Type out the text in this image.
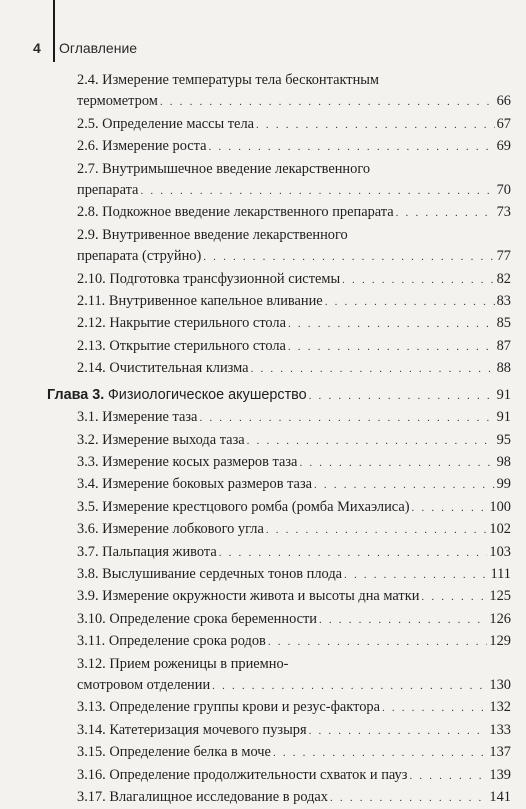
4	Оглавление
2.4. Измерение температуры тела бесконтактным
термометром . . .	66
2.5. Определение массы тела . . .	67
2.6. Измерение роста . . .	69
2.7. Внутримышечное введение лекарственного
препарата . . .	70
2.8. Подкожное введение лекарственного препарата . . .	73
2.9. Внутривенное введение лекарственного
препарата (струйно) . . .	77
2.10. Подготовка трансфузионной системы . . .	82
2.11. Внутривенное капельное вливание . . .	83
2.12. Накрытие стерильного стола . . .	85
2.13. Открытие стерильного стола . . .	87
2.14. Очистительная клизма . . .	88
Глава 3. Физиологическое акушерство . . .	91
3.1. Измерение таза . . .	91
3.2. Измерение выхода таза . . .	95
3.3. Измерение косых размеров таза . . .	98
3.4. Измерение боковых размеров таза . . .	99
3.5. Измерение крестцового ромба (ромба Михаэлиса) . . .	100
3.6. Измерение лобкового угла . . .	102
3.7. Пальпация живота . . .	103
3.8. Выслушивание сердечных тонов плода . . .	111
3.9. Измерение окружности живота и высоты дна матки . . .	125
3.10. Определение срока беременности . . .	126
3.11. Определение срока родов . . .	129
3.12. Прием роженицы в приемно-
смотровом отделении . . .	130
3.13. Определение группы крови и резус-фактора . . .	132
3.14. Катетеризация мочевого пузыря . . .	133
3.15. Определение белка в моче . . .	137
3.16. Определение продолжительности схваток и пауз . . .	139
3.17. Влагалищное исследование в родах . . .	141
